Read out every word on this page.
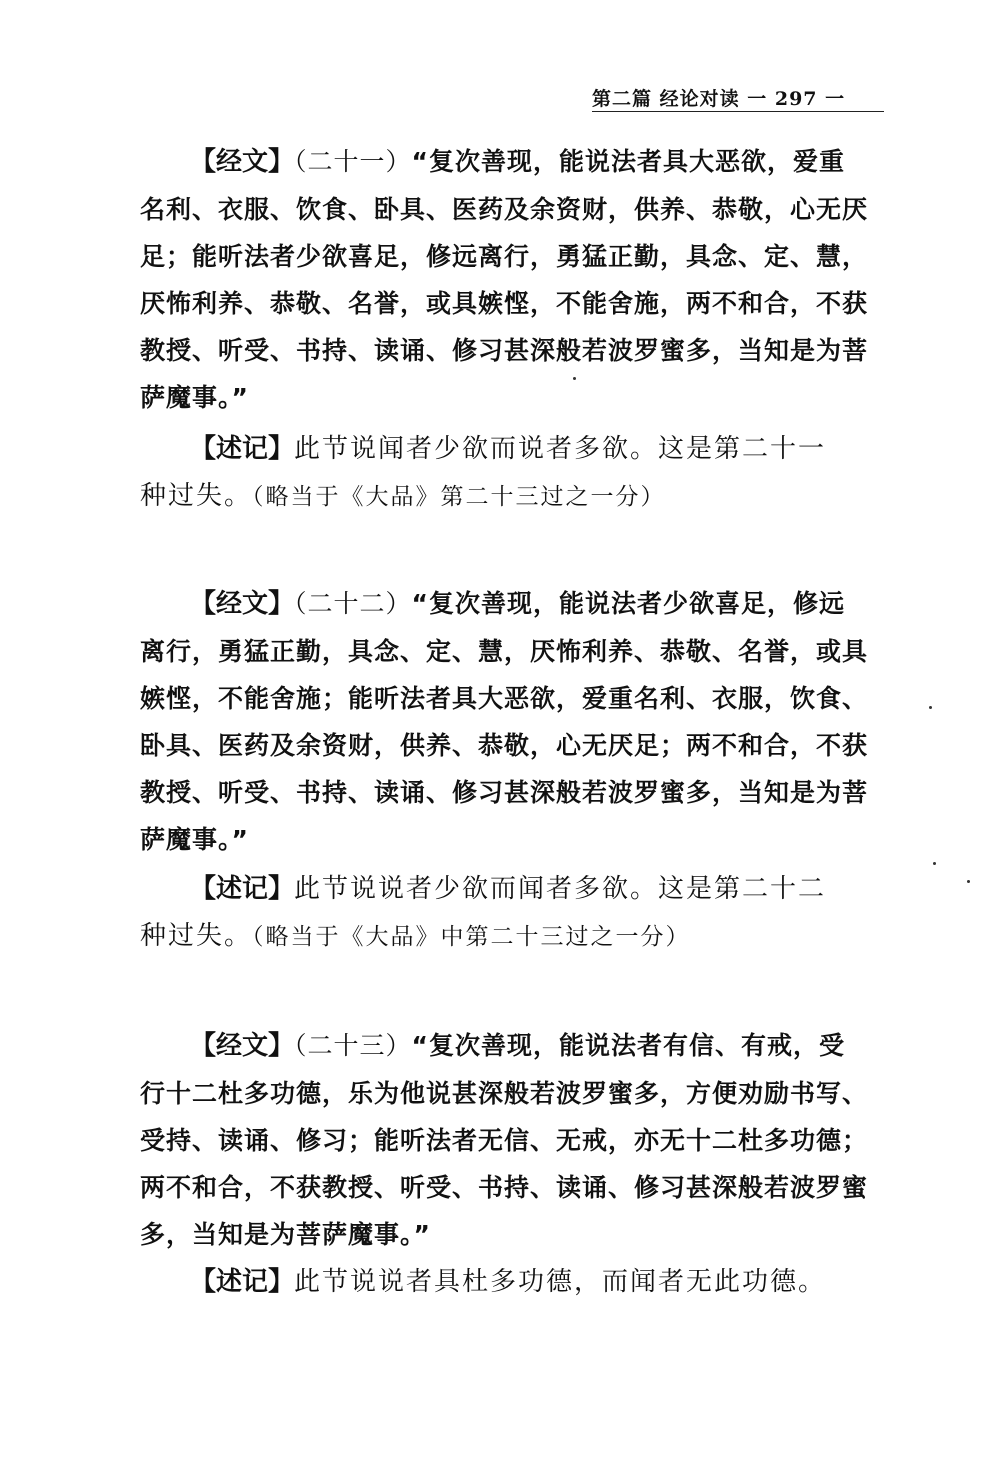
第二篇 经论对读 一 297 一
【经文】（二十一）“复次善现，能说法者具大恶欲，爱重
名利、衣服、饮食、卧具、医药及余资财，供养、恭敬，心无厌
足；能听法者少欲喜足，修远离行，勇猛正勤，具念、定、慧，
厌怖利养、恭敬、名誉，或具嫉悭，不能舍施，两不和合，不获
教授、听受、书持、读诵、修习甚深般若波罗蜜多，当知是为菩
萨魔事。”
【述记】此节说闻者少欲而说者多欲。这是第二十一
种过失。（略当于《大品》第二十三过之一分）
【经文】（二十二）“复次善现，能说法者少欲喜足，修远
离行，勇猛正勤，具念、定、慧，厌怖利养、恭敬、名誉，或具
嫉悭，不能舍施；能听法者具大恶欲，爱重名利、衣服，饮食、
卧具、医药及余资财，供养、恭敬，心无厌足；两不和合，不获
教授、听受、书持、读诵、修习甚深般若波罗蜜多，当知是为菩
萨魔事。”
【述记】此节说说者少欲而闻者多欲。这是第二十二
种过失。（略当于《大品》中第二十三过之一分）
【经文】（二十三）“复次善现，能说法者有信、有戒，受
行十二杜多功德，乐为他说甚深般若波罗蜜多，方便劝励书写、
受持、读诵、修习；能听法者无信、无戒，亦无十二杜多功德；
两不和合，不获教授、听受、书持、读诵、修习甚深般若波罗蜜
多，当知是为菩萨魔事。”
【述记】此节说说者具杜多功德，而闻者无此功德。
